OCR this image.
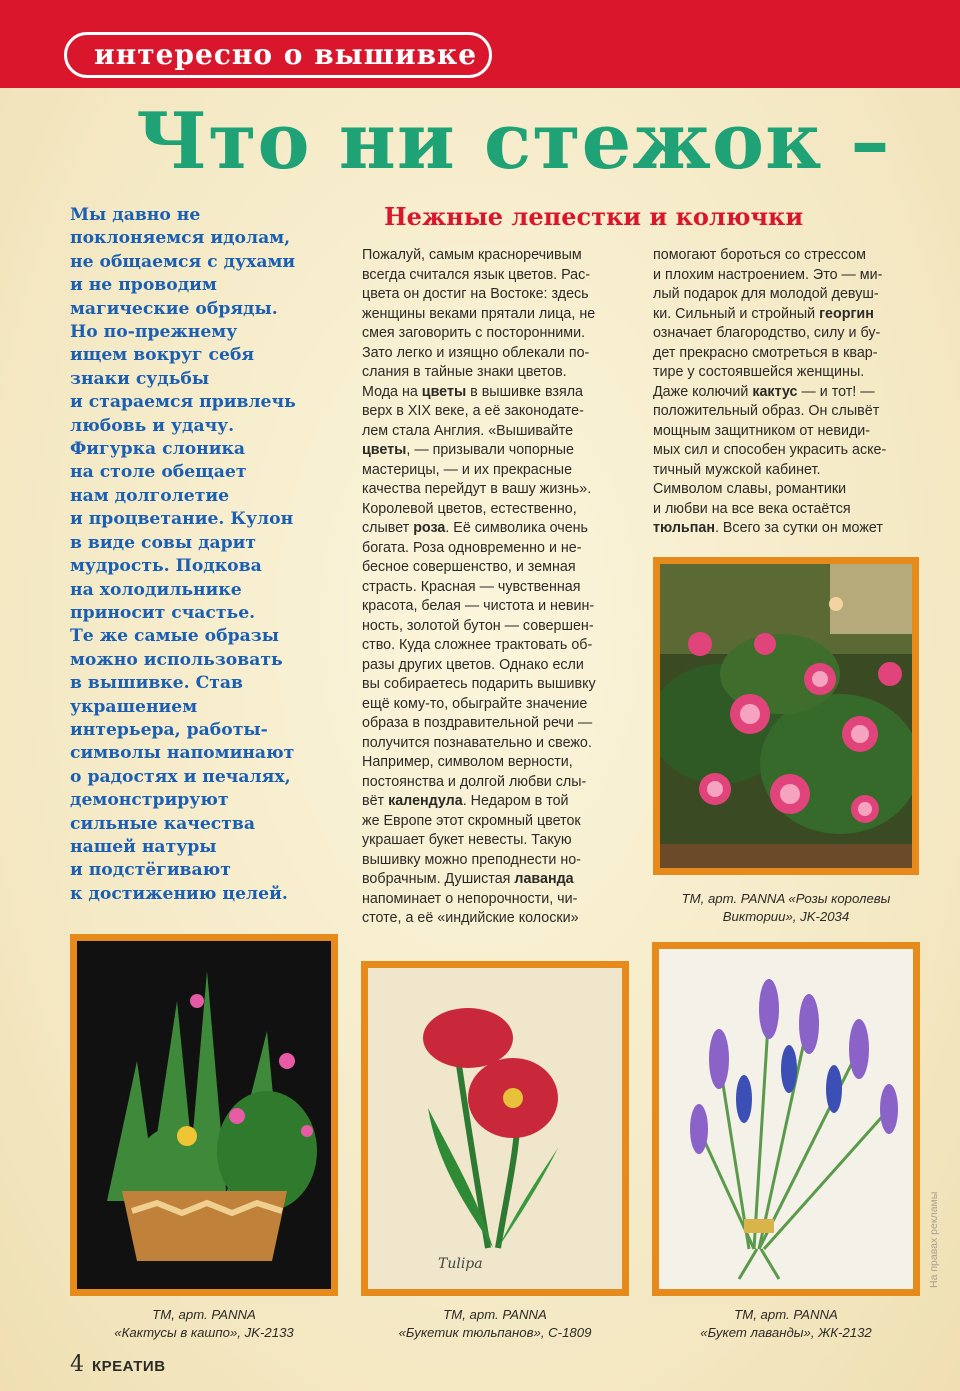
интересно о вышивке
Что ни стежок –
Мы давно не
поклоняемся идолам,
не общаемся с духами
и не проводим
магические обряды.
Но по-прежнему
ищем вокруг себя
знаки судьбы
и стараемся привлечь
любовь и удачу.
Фигурка слоника
на столе обещает
нам долголетие
и процветание. Кулон
в виде совы дарит
мудрость. Подкова
на холодильнике
приносит счастье.
Те же самые образы
можно использовать
в вышивке. Став
украшением
интерьера, работы-
символы напоминают
о радостях и печалях,
демонстрируют
сильные качества
нашей натуры
и подстёгивают
к достижению целей.
Нежные лепестки и колючки
Пожалуй, самым красноречивым
всегда считался язык цветов. Рас-
цвета он достиг на Востоке: здесь
женщины веками прятали лица, не
смея заговорить с посторонними.
Зато легко и изящно облекали по-
слания в тайные знаки цветов.
Мода на цветы в вышивке взяла
верх в XIX веке, а её законодате-
лем стала Англия. «Вышивайте
цветы, — призывали чопорные
мастерицы, — и их прекрасные
качества перейдут в вашу жизнь».
Королевой цветов, естественно,
слывет роза. Её символика очень
богата. Роза одновременно и не-
бесное совершенство, и земная
страсть. Красная — чувственная
красота, белая — чистота и невин-
ность, золотой бутон — совершен-
ство. Куда сложнее трактовать об-
разы других цветов. Однако если
вы собираетесь подарить вышивку
ещё кому-то, обыграйте значение
образа в поздравительной речи —
получится познавательно и свежо.
Например, символом верности,
постоянства и долгой любви слы-
вёт календула. Недаром в той
же Европе этот скромный цветок
украшает букет невесты. Такую
вышивку можно преподнести но-
вобрачным. Душистая лаванда
напоминает о непорочности, чи-
стоте, а её «индийские колоски»
помогают бороться со стрессом
и плохим настроением. Это — ми-
лый подарок для молодой девуш-
ки. Сильный и стройный георгин
означает благородство, силу и бу-
дет прекрасно смотреться в квар-
тире у состоявшейся женщины.
Даже колючий кактус — и тот! —
положительный образ. Он слывёт
мощным защитником от невиди-
мых сил и способен украсить аске-
тичный мужской кабинет.
Символом славы, романтики
и любви на все века остаётся
тюльпан. Всего за сутки он может
TM, арт. PANNA «Розы королевы
Виктории», JK-2034
TM, арт. PANNA
«Кактусы в кашпо», JK-2133
Tulipa
TM, арт. PANNA
«Букетик тюльпанов», С-1809
TM, арт. PANNA
«Букет лаванды», ЖК-2132
На правах рекламы
4 КРЕАТИВ
